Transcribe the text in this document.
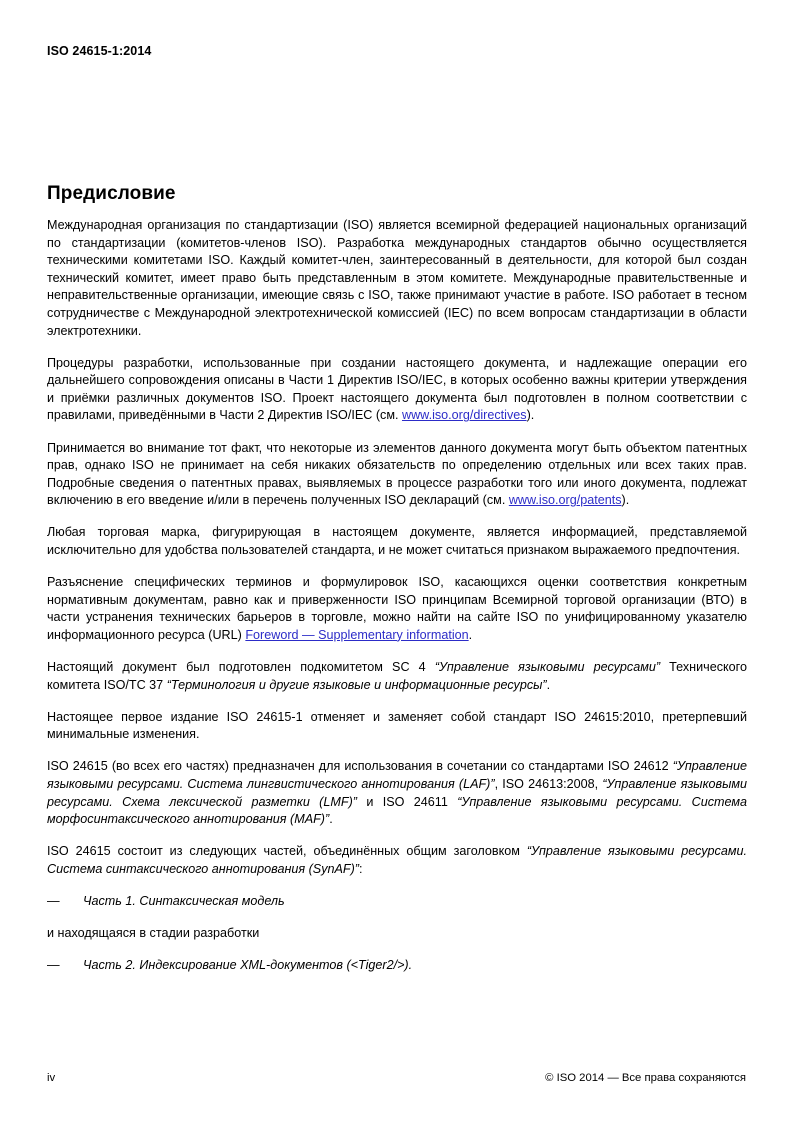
ISO 24615-1:2014
Предисловие

Международная организация по стандартизации (ISO) является всемирной федерацией национальных организаций по стандартизации (комитетов-членов ISO). Разработка международных стандартов обычно осуществляется техническими комитетами ISO. Каждый комитет-член, заинтересованный в деятельности, для которой был создан технический комитет, имеет право быть представленным в этом комитете. Международные правительственные и неправительственные организации, имеющие связь с ISO, также принимают участие в работе. ISO работает в тесном сотрудничестве с Международной электротехнической комиссией (IEC) по всем вопросам стандартизации в области электротехники.

Процедуры разработки, использованные при создании настоящего документа, и надлежащие операции его дальнейшего сопровождения описаны в Части 1 Директив ISO/IEC, в которых особенно важны критерии утверждения и приёмки различных документов ISO. Проект настоящего документа был подготовлен в полном соответствии с правилами, приведёнными в Части 2 Директив ISO/IEC (см. www.iso.org/directives).

Принимается во внимание тот факт, что некоторые из элементов данного документа могут быть объектом патентных прав, однако ISO не принимает на себя никаких обязательств по определению отдельных или всех таких прав. Подробные сведения о патентных правах, выявляемых в процессе разработки того или иного документа, подлежат включению в его введение и/или в перечень полученных ISO деклараций (см. www.iso.org/patents).

Любая торговая марка, фигурирующая в настоящем документе, является информацией, представляемой исключительно для удобства пользователей стандарта, и не может считаться признаком выражаемого предпочтения.

Разъяснение специфических терминов и формулировок ISO, касающихся оценки соответствия конкретным нормативным документам, равно как и приверженности ISO принципам Всемирной торговой организации (ВТО) в части устранения технических барьеров в торговле, можно найти на сайте ISO по унифицированному указателю информационного ресурса (URL) Foreword — Supplementary information.

Настоящий документ был подготовлен подкомитетом SC 4 “Управление языковыми ресурсами” Технического комитета ISO/TC 37 “Терминология и другие языковые и информационные ресурсы”.

Настоящее первое издание ISO 24615-1 отменяет и заменяет собой стандарт ISO 24615:2010, претерпевший минимальные изменения.

ISO 24615 (во всех его частях) предназначен для использования в сочетании со стандартами ISO 24612 “Управление языковыми ресурсами. Система лингвистического аннотирования (LAF)”, ISO 24613:2008, “Управление языковыми ресурсами. Схема лексической разметки (LMF)” и ISO 24611 “Управление языковыми ресурсами. Система морфосинтаксического аннотирования (MAF)”.

ISO 24615 состоит из следующих частей, объединённых общим заголовком “Управление языковыми ресурсами. Система синтаксического аннотирования (SynAF)”:

—	Часть 1. Синтаксическая модель

и находящаяся в стадии разработки

—	Часть 2. Индексирование XML-документов (<Tiger2/>).
iv	© ISO 2014 — Все права сохраняются
